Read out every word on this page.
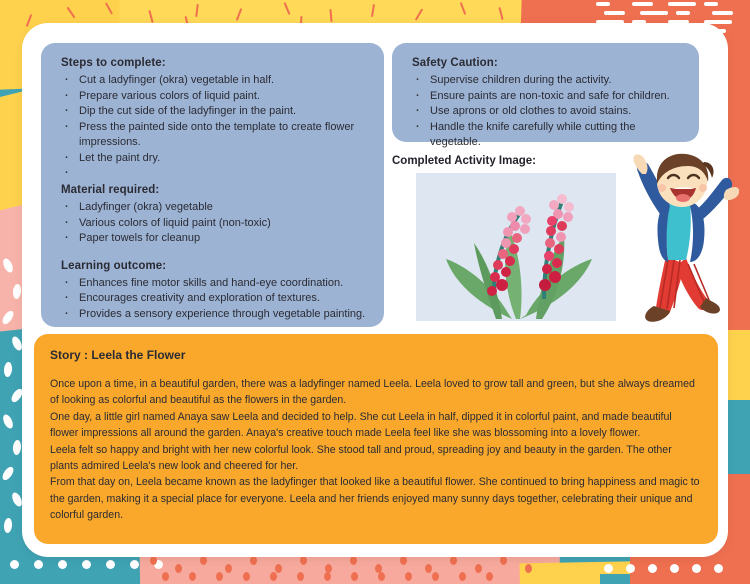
Steps to complete:
· Cut a ladyfinger (okra) vegetable in half.
· Prepare various colors of liquid paint.
· Dip the cut side of the ladyfinger in the paint.
· Press the painted side onto the template to create flower impressions.
· Let the paint dry.
·
Material required:
· Ladyfinger (okra) vegetable
· Various colors of liquid paint (non-toxic)
· Paper towels for cleanup
Learning outcome:
· Enhances fine motor skills and hand-eye coordination.
· Encourages creativity and exploration of textures.
· Provides a sensory experience through vegetable painting.
Safety Caution:
· Supervise children during the activity.
· Ensure paints are non-toxic and safe for children.
· Use aprons or old clothes to avoid stains.
· Handle the knife carefully while cutting the vegetable.
Completed Activity Image:
Story : Leela the Flower
Once upon a time, in a beautiful garden, there was a ladyfinger named Leela. Leela loved to grow tall and green, but she always dreamed of looking as colorful and beautiful as the flowers in the garden.
One day, a little girl named Anaya saw Leela and decided to help. She cut Leela in half, dipped it in colorful paint, and made beautiful flower impressions all around the garden. Anaya's creative touch made Leela feel like she was blossoming into a lovely flower.
Leela felt so happy and bright with her new colorful look. She stood tall and proud, spreading joy and beauty in the garden. The other plants admired Leela's new look and cheered for her.
From that day on, Leela became known as the ladyfinger that looked like a beautiful flower. She continued to bring happiness and magic to the garden, making it a special place for everyone. Leela and her friends enjoyed many sunny days together, celebrating their unique and colorful garden.
